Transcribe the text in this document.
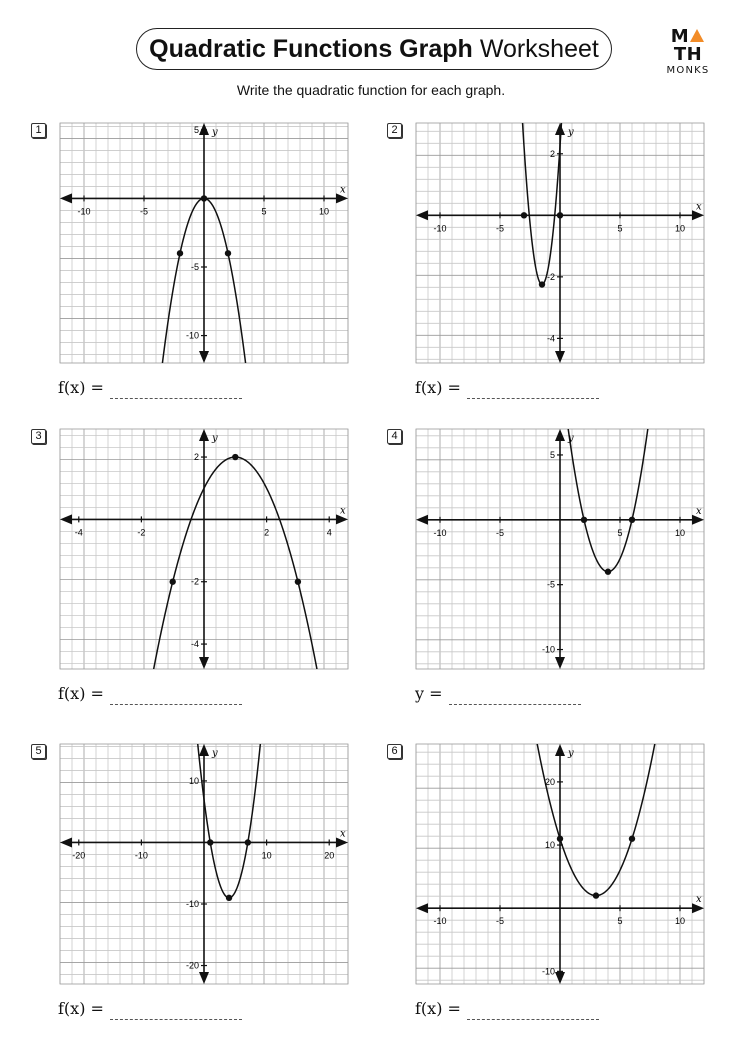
Quadratic Functions Graph Worksheet	MTH
MONKS
Write the quadratic function for each graph.
1
x
y
-10	-5	5	10
5
-5
-10
f(x) =
2
x
y
-10	-5	5	10
2
-2
-4
f(x) =
3
x
y
-4	-2	2	4
2
-2
-4
f(x) =
4
x
y
-10	-5	5	10
5
-5
-10
y =
5
x
y
-20	-10	10	20
10
-10
-20
f(x) =
6
x
y
-10	-5	5	10
20
10
-10
f(x) =
